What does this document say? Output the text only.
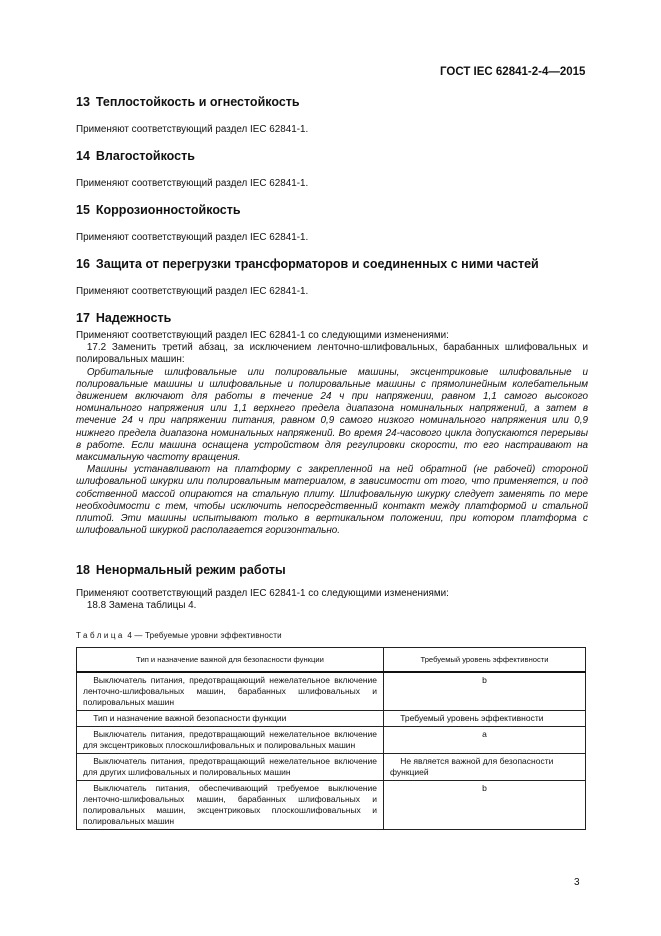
ГОСТ IEC 62841-2-4—2015
13 Теплостойкость и огнестойкость
Применяют соответствующий раздел IEC 62841-1.
14 Влагостойкость
Применяют соответствующий раздел IEC 62841-1.
15 Коррозионностойкость
Применяют соответствующий раздел IEC 62841-1.
16 Защита от перегрузки трансформаторов и соединенных с ними частей
Применяют соответствующий раздел IEC 62841-1.
17 Надежность
Применяют соответствующий раздел IEC 62841-1 со следующими изменениями:
17.2 Заменить третий абзац, за исключением ленточно-шлифовальных, барабанных шлифовальных и полировальных машин:
Орбитальные шлифовальные или полировальные машины, эксцентриковые шлифовальные и полировальные машины и шлифовальные и полировальные машины с прямолинейным колебательным движением включают для работы в течение 24 ч при напряжении, равном 1,1 самого высокого номинального напряжения или 1,1 верхнего предела диапазона номинальных напряжений, а затем в течение 24 ч при напряжении питания, равном 0,9 самого низкого номинального напряжения или 0,9 нижнего предела диапазона номинальных напряжений. Во время 24-часового цикла допускаются перерывы в работе. Если машина оснащена устройством для регулировки скорости, то его настраивают на максимальную частоту вращения.
Машины устанавливают на платформу с закрепленной на ней обратной (не рабочей) стороной шлифовальной шкурки или полировальным материалом, в зависимости от того, что применяется, и под собственной массой опираются на стальную плиту. Шлифовальную шкурку следует заменять по мере необходимости с тем, чтобы исключить непосредственный контакт между платформой и стальной плитой. Эти машины испытывают только в вертикальном положении, при котором платформа с шлифовальной шкуркой располагается горизонтально.
18 Ненормальный режим работы
Применяют соответствующий раздел IEC 62841-1 со следующими изменениями:
18.8 Замена таблицы 4.
Таблица 4 — Требуемые уровни эффективности
Тип и назначение важной для безопасности функции	Требуемый уровень эффективности
Выключатель питания, предотвращающий нежелательное включение ленточно-шлифовальных машин, барабанных шлифовальных и полировальных машин	b
Тип и назначение важной безопасности функции	Требуемый уровень эффективности
Выключатель питания, предотвращающий нежелательное включение для эксцентриковых плоскошлифовальных и полировальных машин	a
Выключатель питания, предотвращающий нежелательное включение для других шлифовальных и полировальных машин	Не является важной для безопасности функцией
Выключатель питания, обеспечивающий требуемое выключение ленточно-шлифовальных машин, барабанных шлифовальных и полировальных машин, эксцентриковых плоскошлифовальных и полировальных машин	b
3
